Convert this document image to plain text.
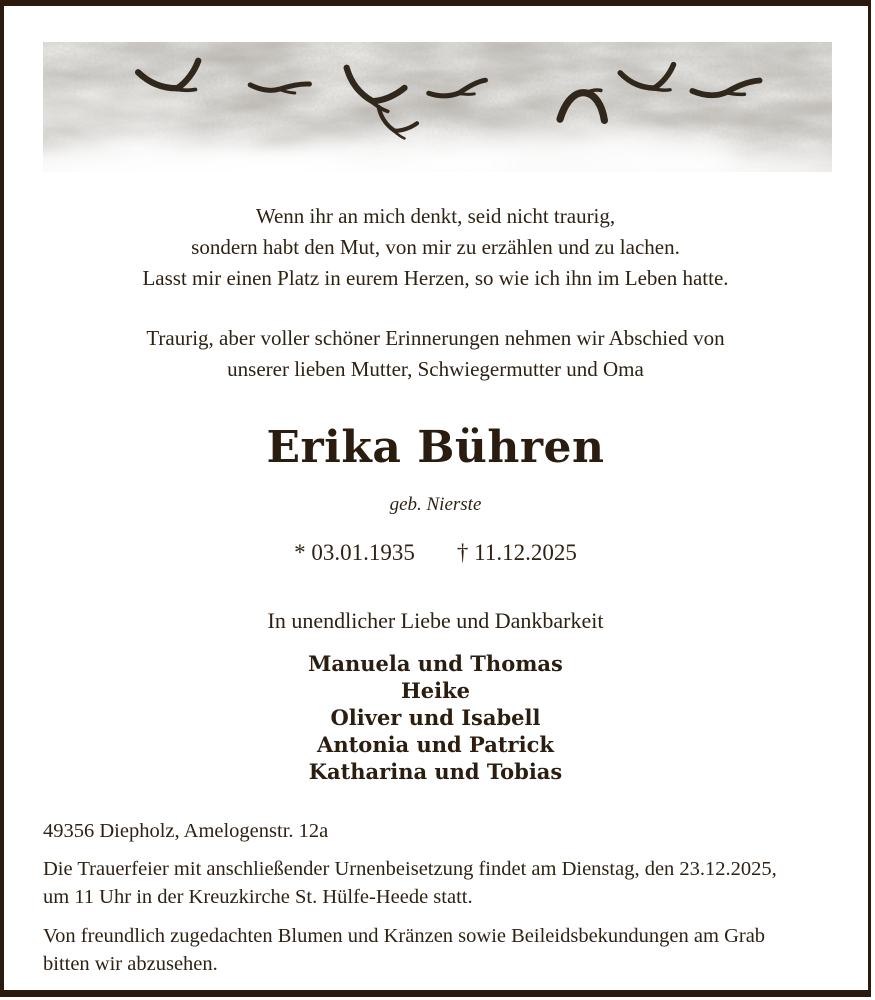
Wenn ihr an mich denkt, seid nicht traurig,
sondern habt den Mut, von mir zu erzählen und zu lachen.
Lasst mir einen Platz in eurem Herzen, so wie ich ihn im Leben hatte.
Traurig, aber voller schöner Erinnerungen nehmen wir Abschied von
unserer lieben Mutter, Schwiegermutter und Oma
Erika Bühren
geb. Nierste
* 03.01.1935 † 11.12.2025
In unendlicher Liebe und Dankbarkeit
Manuela und Thomas
Heike
Oliver und Isabell
Antonia und Patrick
Katharina und Tobias
49356 Diepholz, Amelogenstr. 12a
Die Trauerfeier mit anschließender Urnenbeisetzung findet am Dienstag, den 23.12.2025,
um 11 Uhr in der Kreuzkirche St. Hülfe-Heede statt.
Von freundlich zugedachten Blumen und Kränzen sowie Beileidsbekundungen am Grab
bitten wir abzusehen.
